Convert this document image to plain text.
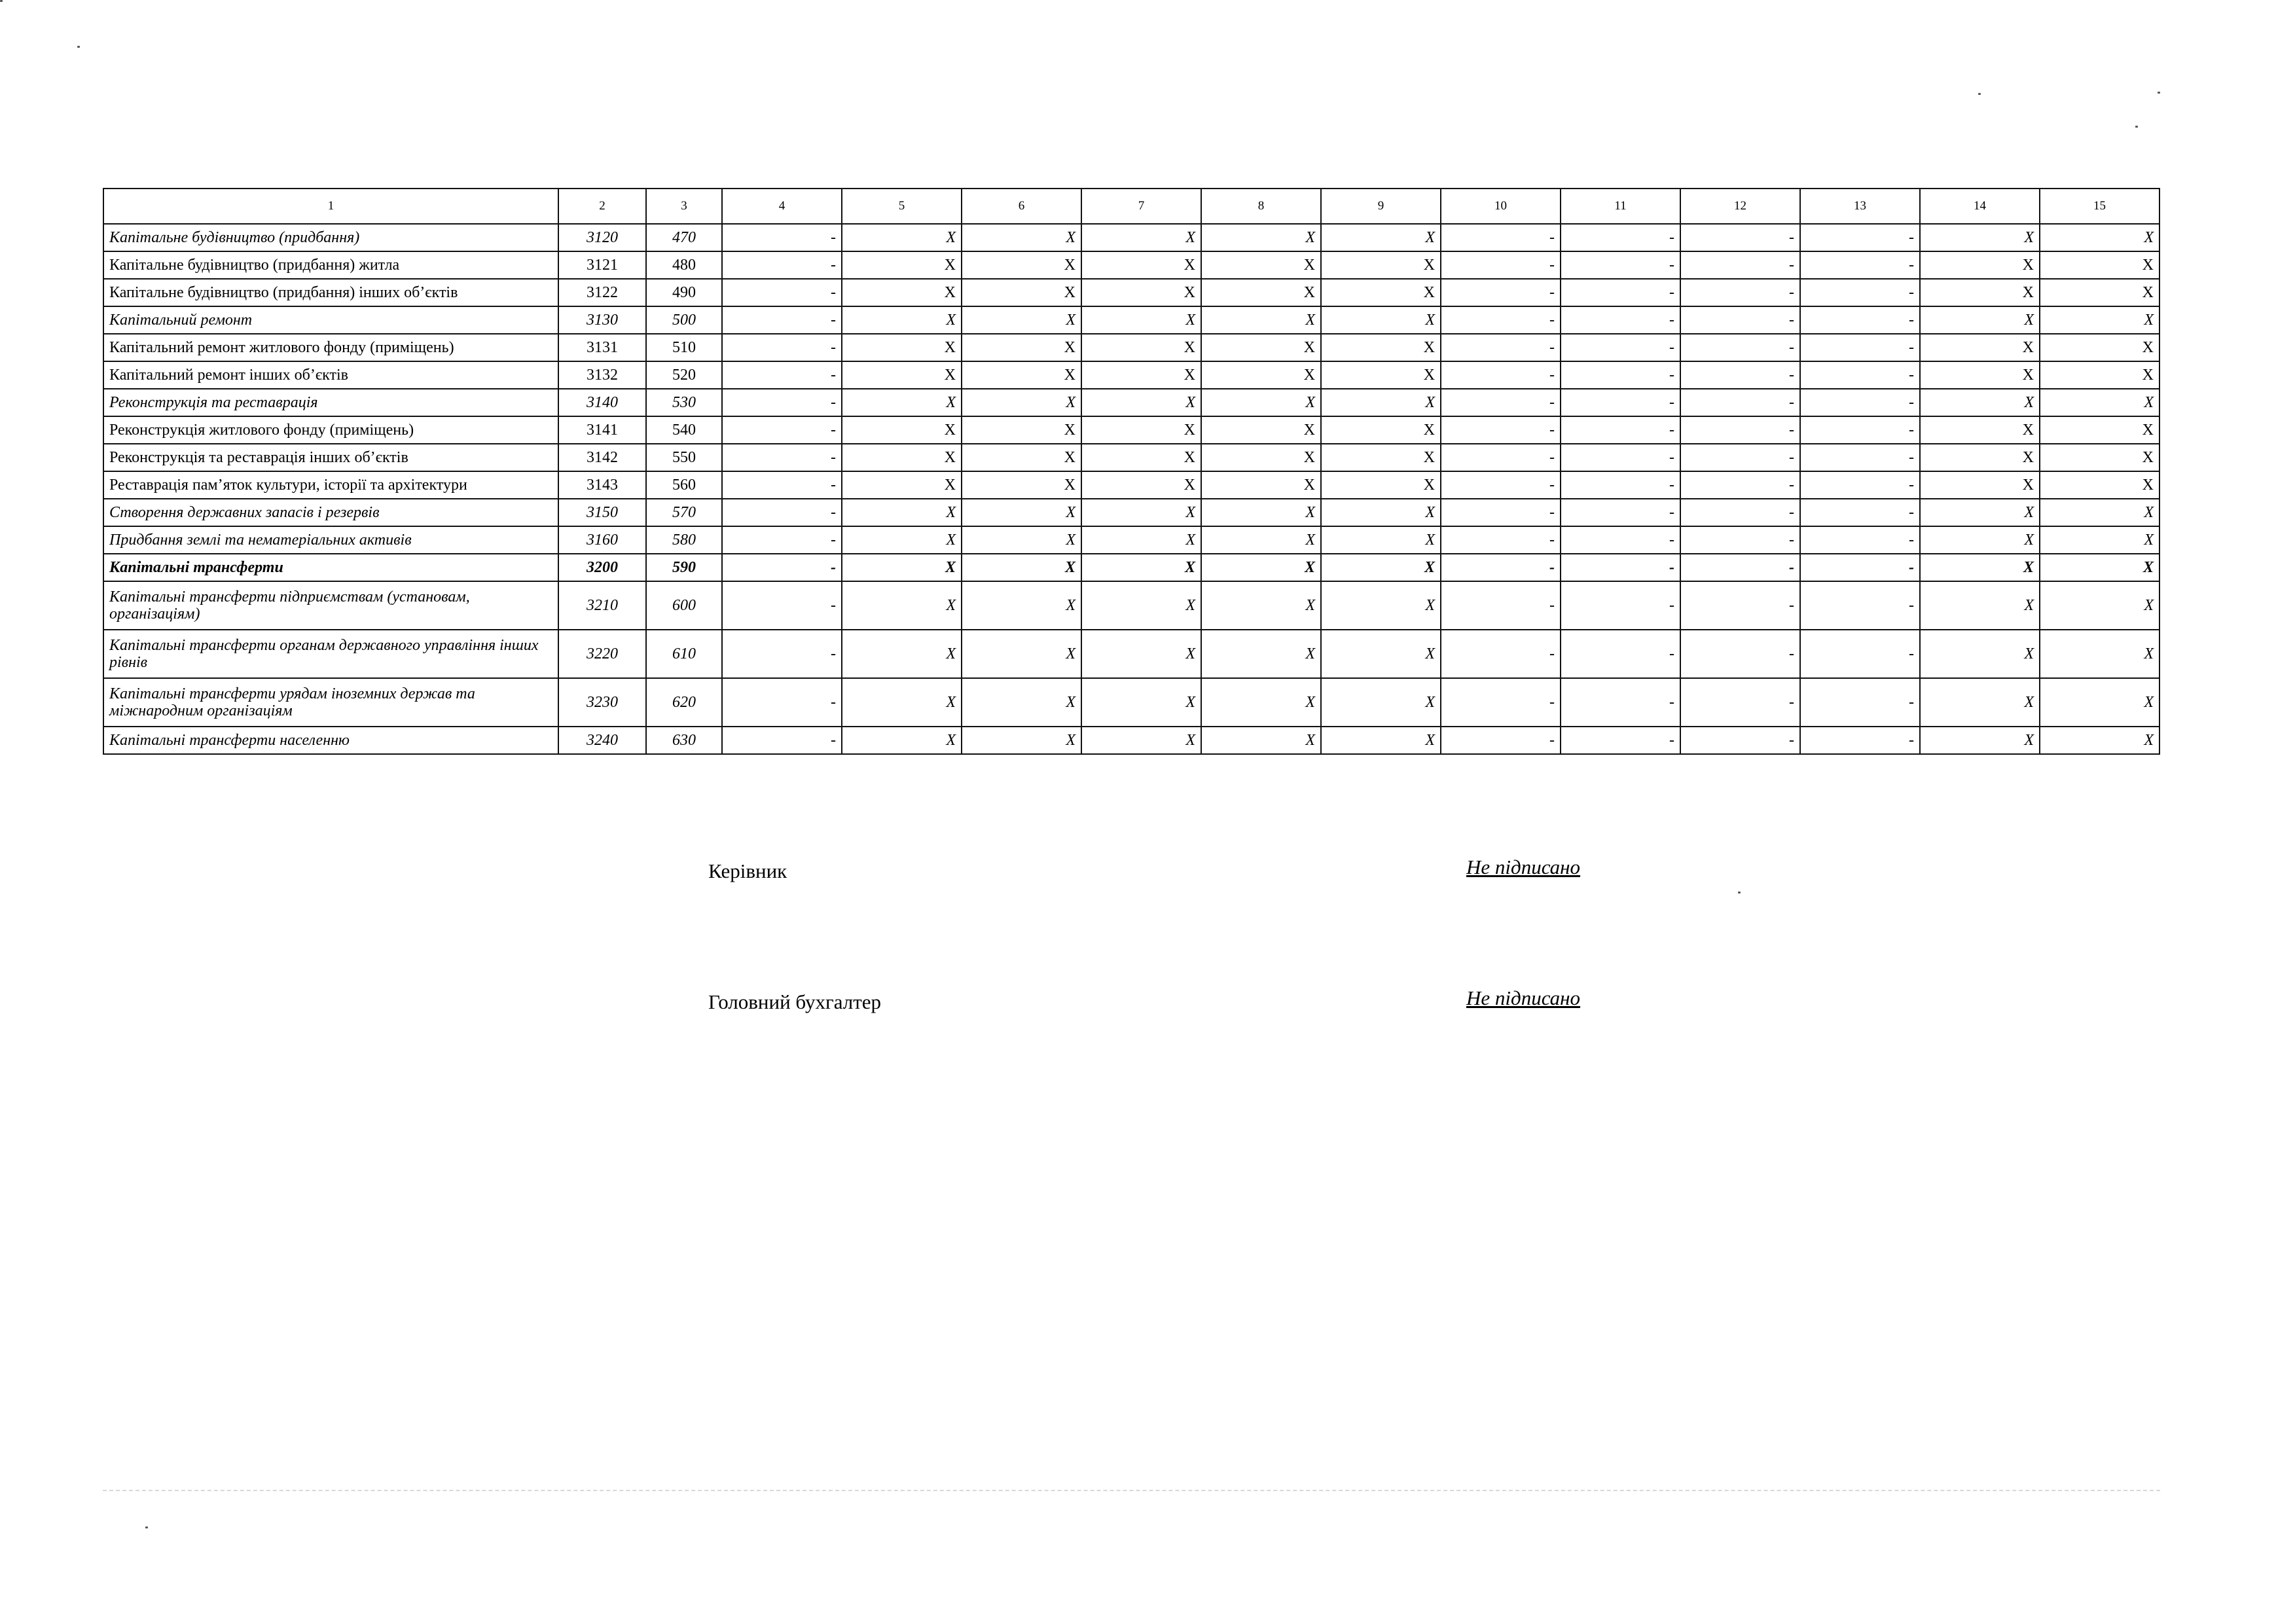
1	2	3	4	5	6	7	8	9	10	11	12	13	14	15
Капітальне будівництво (придбання)	3120	470	-	X	X	X	X	X	-	-	-	-	X	X
Капітальне будівництво (придбання) житла	3121	480	-	X	X	X	X	X	-	-	-	-	X	X
Капітальне будівництво (придбання) інших об’єктів	3122	490	-	X	X	X	X	X	-	-	-	-	X	X
Капітальний ремонт	3130	500	-	X	X	X	X	X	-	-	-	-	X	X
Капітальний ремонт житлового фонду (приміщень)	3131	510	-	X	X	X	X	X	-	-	-	-	X	X
Капітальний ремонт інших об’єктів	3132	520	-	X	X	X	X	X	-	-	-	-	X	X
Реконструкція та реставрація	3140	530	-	X	X	X	X	X	-	-	-	-	X	X
Реконструкція житлового фонду (приміщень)	3141	540	-	X	X	X	X	X	-	-	-	-	X	X
Реконструкція та реставрація інших об’єктів	3142	550	-	X	X	X	X	X	-	-	-	-	X	X
Реставрація пам’яток культури, історії та архітектури	3143	560	-	X	X	X	X	X	-	-	-	-	X	X
Створення державних запасів і резервів	3150	570	-	X	X	X	X	X	-	-	-	-	X	X
Придбання землі та нематеріальних активів	3160	580	-	X	X	X	X	X	-	-	-	-	X	X
Капітальні трансферти	3200	590	-	X	X	X	X	X	-	-	-	-	X	X
Капітальні трансферти підприємствам (установам, організаціям)	3210	600	-	X	X	X	X	X	-	-	-	-	X	X
Капітальні трансферти органам державного управління інших рівнів	3220	610	-	X	X	X	X	X	-	-	-	-	X	X
Капітальні трансферти урядам іноземних держав та міжнародним організаціям	3230	620	-	X	X	X	X	X	-	-	-	-	X	X
Капітальні трансферти населенню	3240	630	-	X	X	X	X	X	-	-	-	-	X	X
Керівник	Не підписано
Головний бухгалтер	Не підписано
